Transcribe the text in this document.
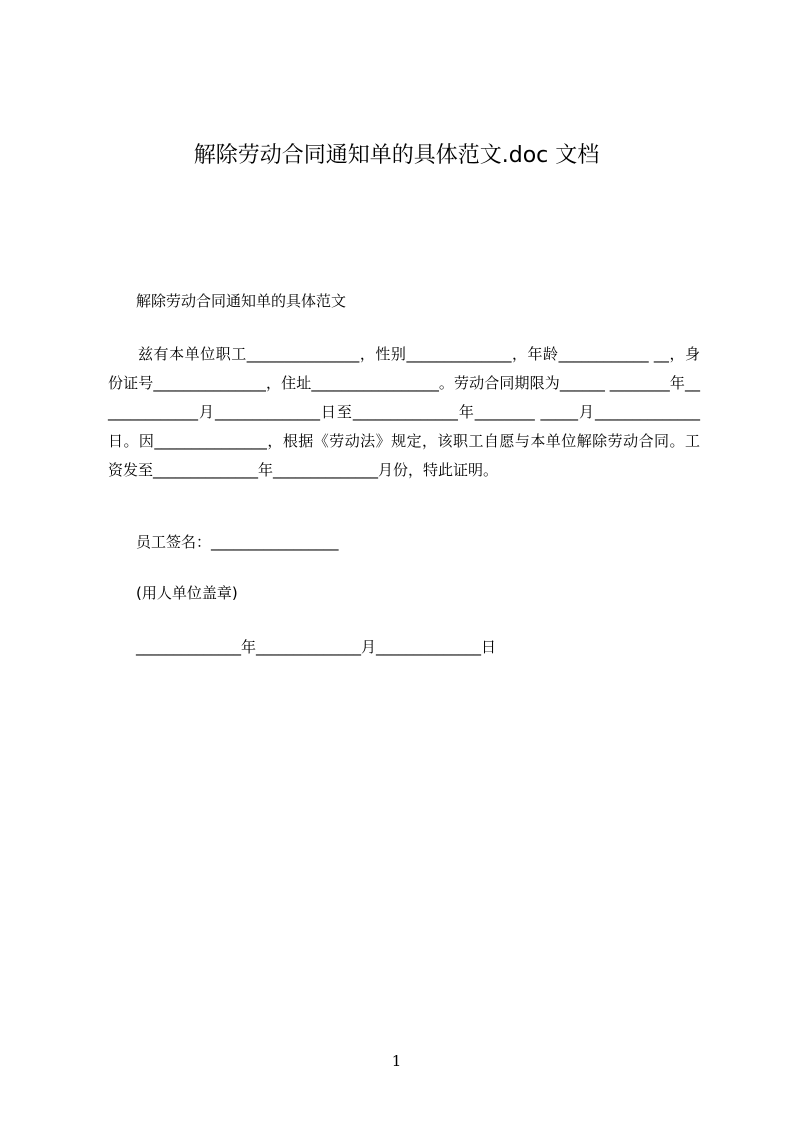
解除劳动合同通知单的具体范文.doc 文档
解除劳动合同通知单的具体范文

兹有本单位职工_______________，性别______________，年龄____________ __，身份证号_______________，住址_________________。劳动合同期限为______ ________年______________月______________日至______________年________ _____月______________日。因_______________，根据《劳动法》规定，该职工自愿与本单位解除劳动合同。工资发至______________年______________月份，特此证明。

员工签名：_________________
(用人单位盖章)
______________年______________月______________日
1
